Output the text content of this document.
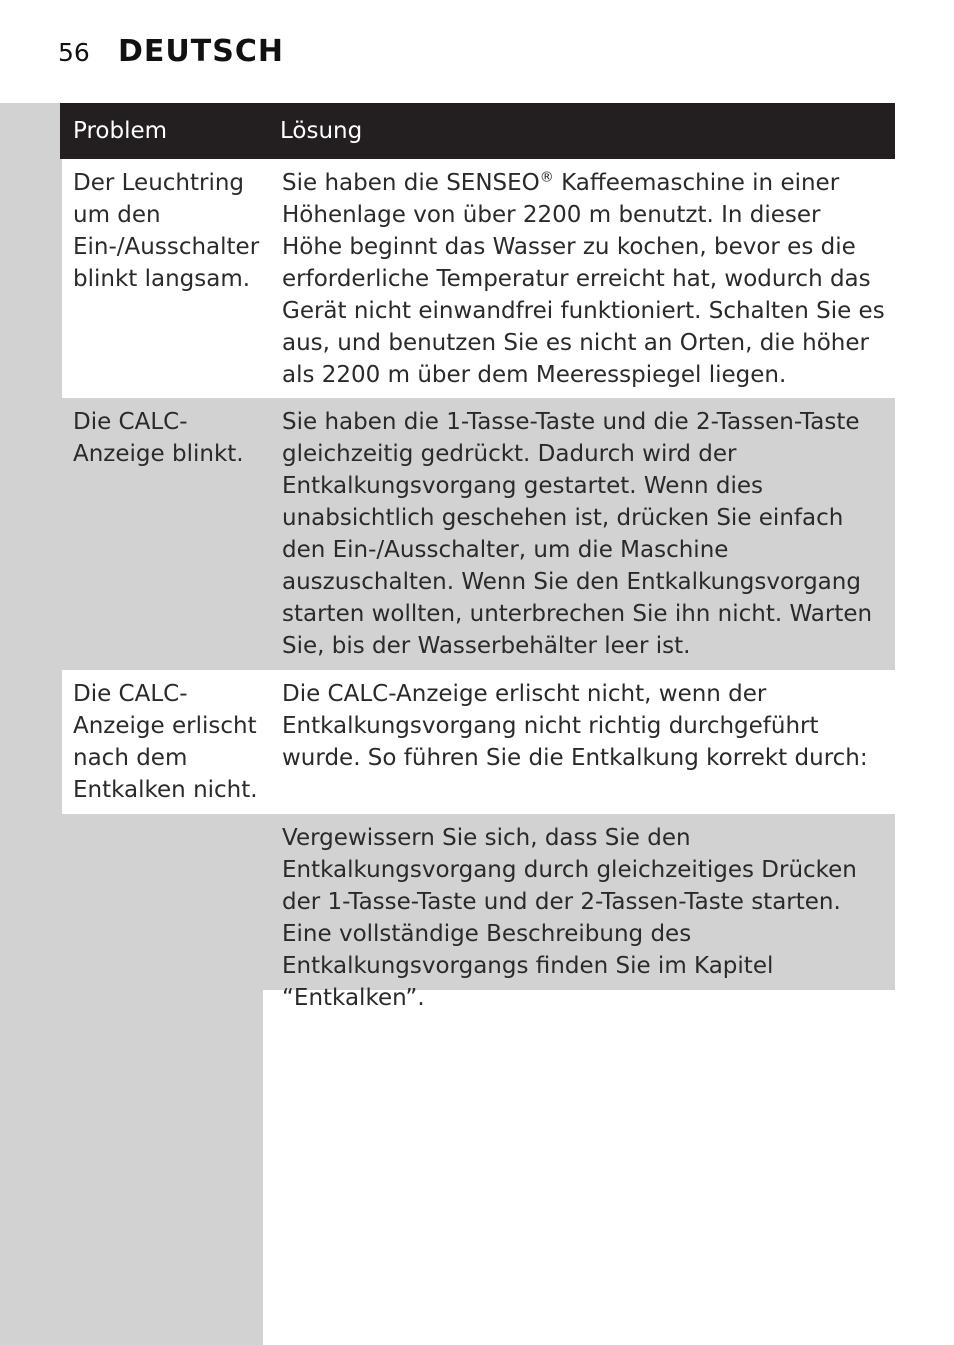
56 DEUTSCH
Problem	Lösung
Der Leuchtring um den Ein-/Ausschalter blinkt langsam.
Sie haben die SENSEO® Kaffeemaschine in einer Höhenlage von über 2200 m benutzt. In dieser Höhe beginnt das Wasser zu kochen, bevor es die erforderliche Temperatur erreicht hat, wodurch das Gerät nicht einwandfrei funktioniert. Schalten Sie es aus, und benutzen Sie es nicht an Orten, die höher als 2200 m über dem Meeresspiegel liegen.
Die CALC-Anzeige blinkt.
Sie haben die 1-Tasse-Taste und die 2-Tassen-Taste gleichzeitig gedrückt. Dadurch wird der Entkalkungsvorgang gestartet. Wenn dies unabsichtlich geschehen ist, drücken Sie einfach den Ein-/Ausschalter, um die Maschine auszuschalten. Wenn Sie den Entkalkungsvorgang starten wollten, unterbrechen Sie ihn nicht. Warten Sie, bis der Wasserbehälter leer ist.
Die CALC-Anzeige erlischt nach dem Entkalken nicht.
Die CALC-Anzeige erlischt nicht, wenn der Entkalkungsvorgang nicht richtig durchgeführt wurde. So führen Sie die Entkalkung korrekt durch:
Vergewissern Sie sich, dass Sie den Entkalkungsvorgang durch gleichzeitiges Drücken der 1-Tasse-Taste und der 2-Tassen-Taste starten. Eine vollständige Beschreibung des Entkalkungsvorgangs finden Sie im Kapitel “Entkalken”.
